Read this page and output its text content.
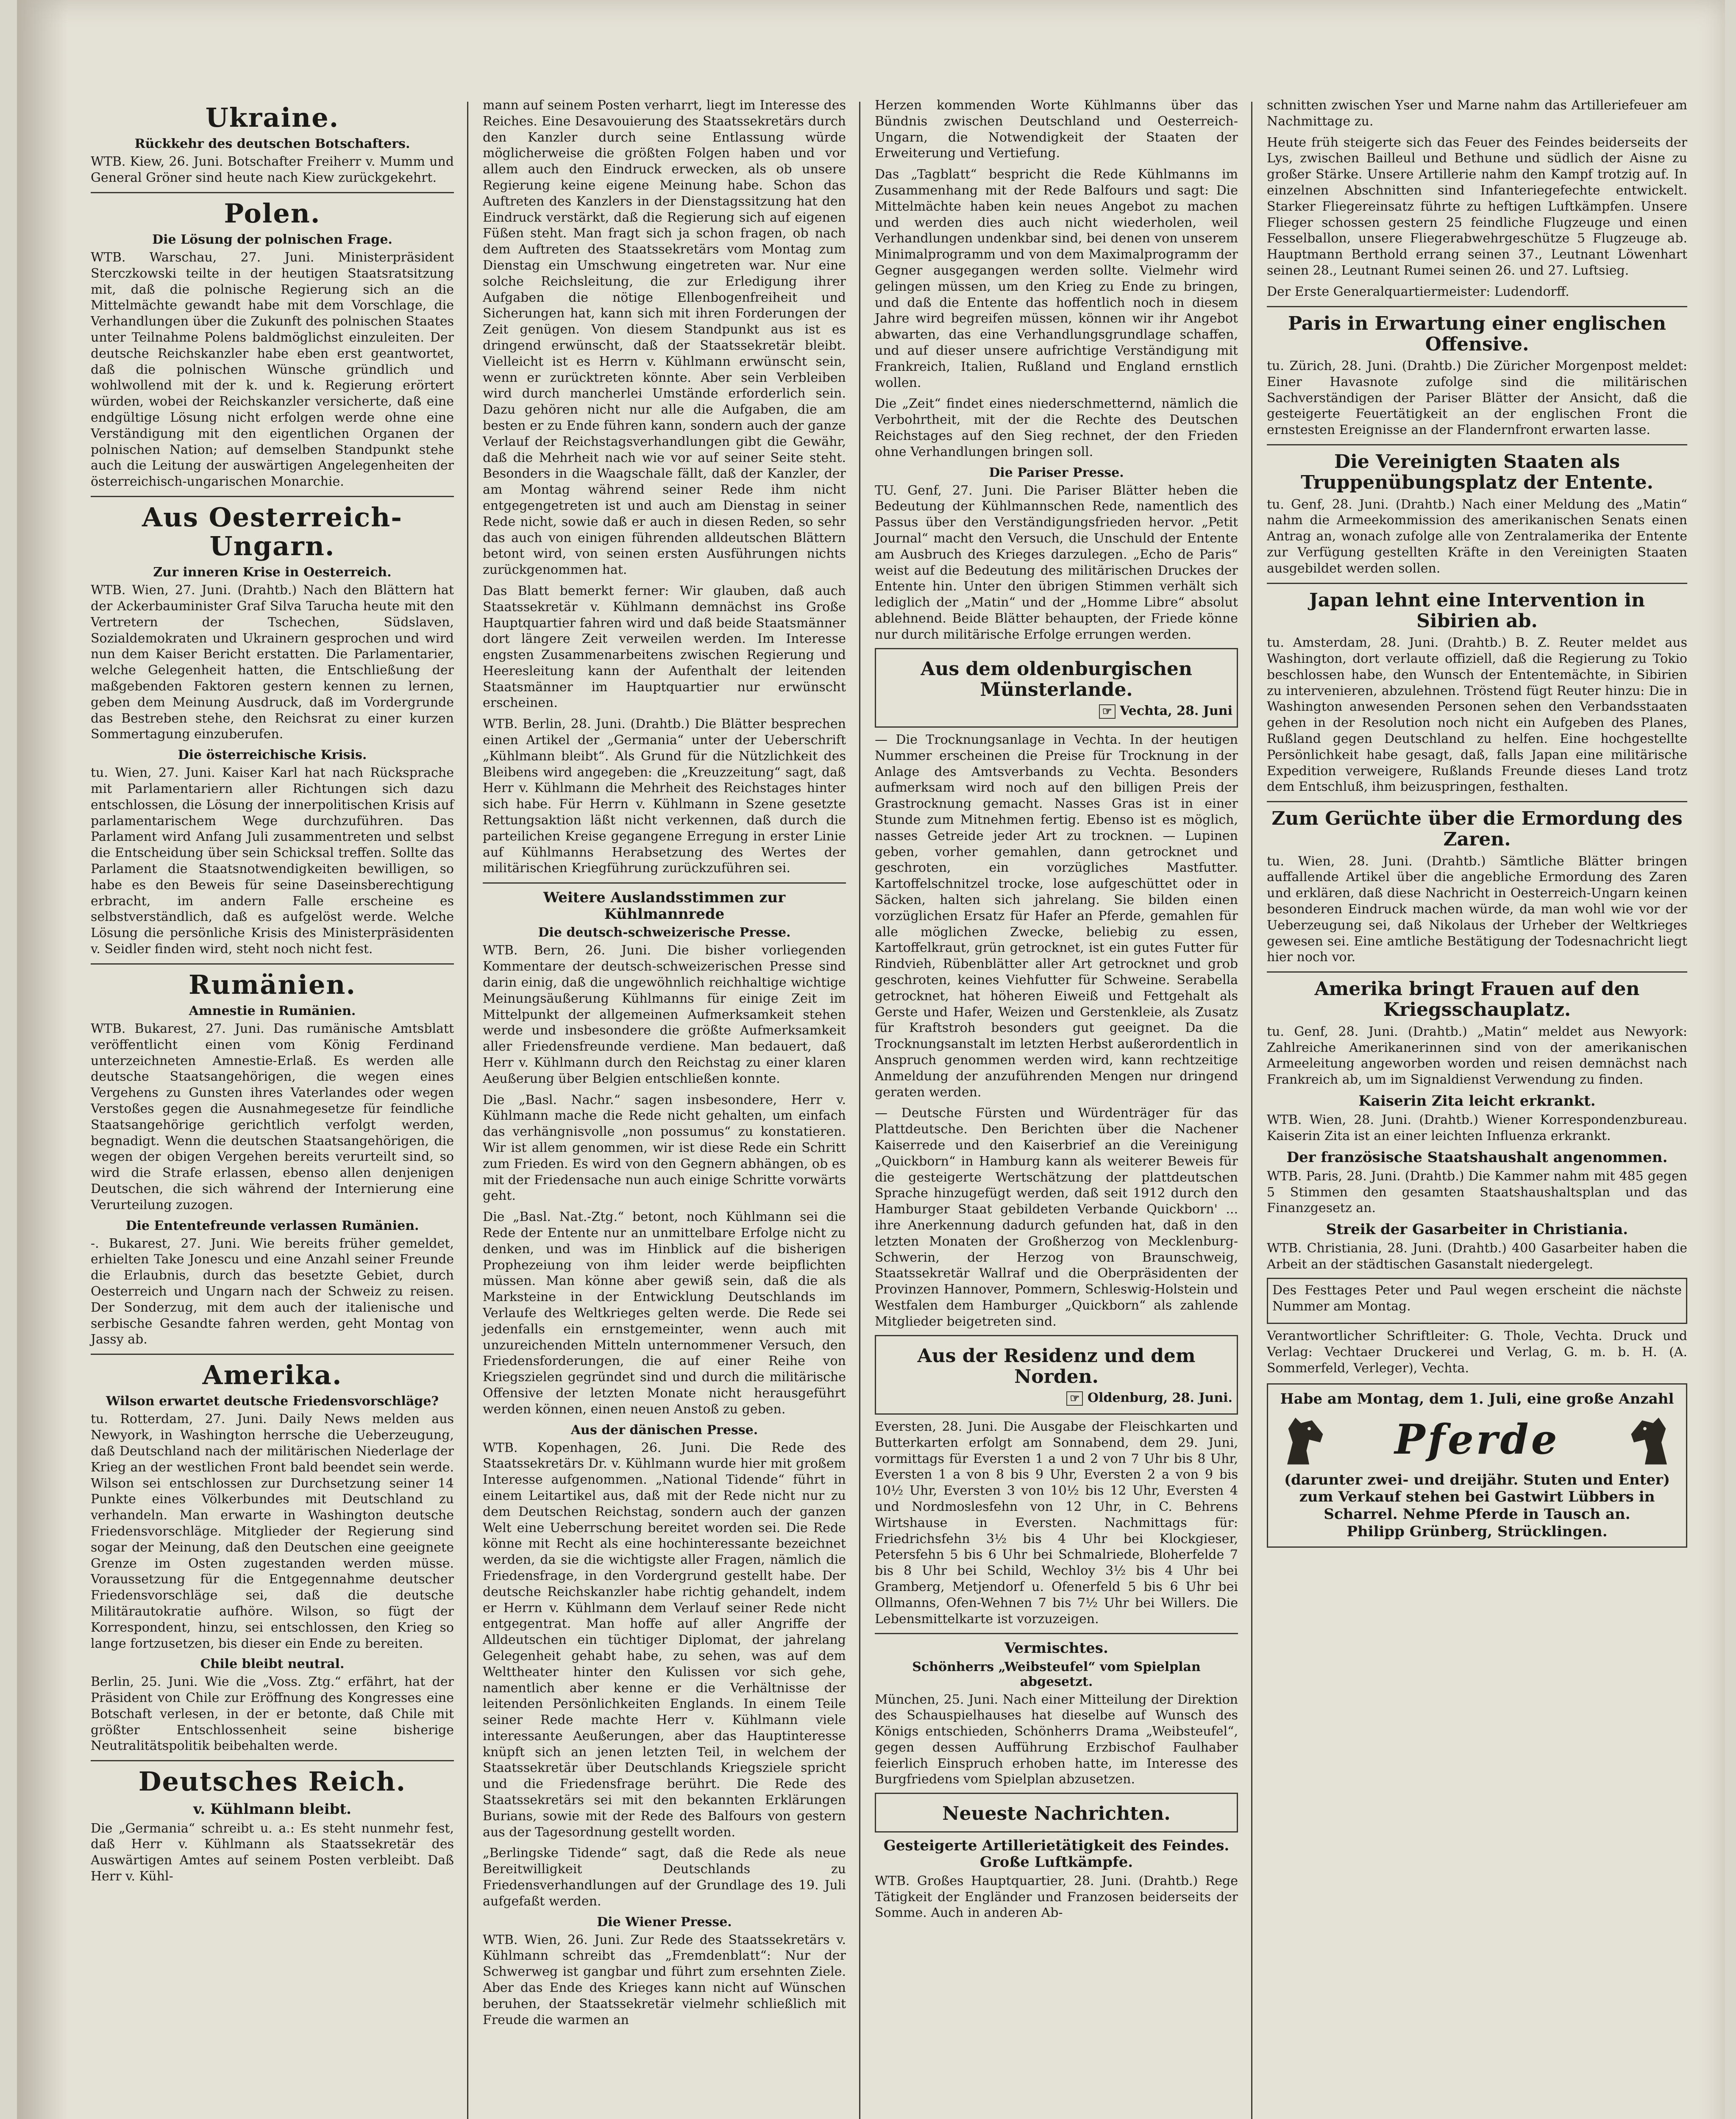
Ukraine.
Rückkehr des deutschen Botschafters.

WTB. Kiew, 26. Juni. Botschafter Freiherr v. Mumm und General Gröner sind heute nach Kiew zurückgekehrt.

Polen.
Die Lösung der polnischen Frage.

WTB. Warschau, 27. Juni. Ministerpräsident Sterczkowski teilte in der heutigen Staatsratsitzung mit, daß die polnische Regierung sich an die Mittelmächte gewandt habe mit dem Vorschlage, die Verhandlungen über die Zukunft des polnischen Staates unter Teilnahme Polens baldmöglichst einzuleiten. Der deutsche Reichskanzler habe eben erst geantwortet, daß die polnischen Wünsche gründlich und wohlwollend mit der k. und k. Regierung erörtert würden, wobei der Reichskanzler versicherte, daß eine endgültige Lösung nicht erfolgen werde ohne eine Verständigung mit den eigentlichen Organen der polnischen Nation; auf demselben Standpunkt stehe auch die Leitung der auswärtigen Angelegenheiten der österreichisch-ungarischen Monarchie.

Aus Oesterreich-Ungarn.
Zur inneren Krise in Oesterreich.

WTB. Wien, 27. Juni. (Drahtb.) Nach den Blättern hat der Ackerbauminister Graf Silva Tarucha heute mit den Vertretern der Tschechen, Südslaven, Sozialdemokraten und Ukrainern gesprochen und wird nun dem Kaiser Bericht erstatten. Die Parlamentarier, welche Gelegenheit hatten, die Entschließung der maßgebenden Faktoren gestern kennen zu lernen, geben dem Meinung Ausdruck, daß im Vordergrunde das Bestreben stehe, den Reichsrat zu einer kurzen Sommertagung einzuberufen.

Die österreichische Krisis.

tu. Wien, 27. Juni. Kaiser Karl hat nach Rücksprache mit Parlamentariern aller Richtungen sich dazu entschlossen, die Lösung der innerpolitischen Krisis auf parlamentarischem Wege durchzuführen. Das Parlament wird Anfang Juli zusammentreten und selbst die Entscheidung über sein Schicksal treffen. Sollte das Parlament die Staatsnotwendigkeiten bewilligen, so habe es den Beweis für seine Daseinsberechtigung erbracht, im andern Falle erscheine es selbstverständlich, daß es aufgelöst werde. Welche Lösung die persönliche Krisis des Ministerpräsidenten v. Seidler finden wird, steht noch nicht fest.

Rumänien.
Amnestie in Rumänien.

WTB. Bukarest, 27. Juni. Das rumänische Amtsblatt veröffentlicht einen vom König Ferdinand unterzeichneten Amnestie-Erlaß. Es werden alle deutsche Staatsangehörigen, die wegen eines Vergehens zu Gunsten ihres Vaterlandes oder wegen Verstoßes gegen die Ausnahmegesetze für feindliche Staatsangehörige gerichtlich verfolgt werden, begnadigt. Wenn die deutschen Staatsangehörigen, die wegen der obigen Vergehen bereits verurteilt sind, so wird die Strafe erlassen, ebenso allen denjenigen Deutschen, die sich während der Internierung eine Verurteilung zuzogen.

Die Ententefreunde verlassen Rumänien.

-. Bukarest, 27. Juni. Wie bereits früher gemeldet, erhielten Take Jonescu und eine Anzahl seiner Freunde die Erlaubnis, durch das besetzte Gebiet, durch Oesterreich und Ungarn nach der Schweiz zu reisen. Der Sonderzug, mit dem auch der italienische und serbische Gesandte fahren werden, geht Montag von Jassy ab.

Amerika.
Wilson erwartet deutsche Friedensvorschläge?

tu. Rotterdam, 27. Juni. Daily News melden aus Newyork, in Washington herrsche die Ueberzeugung, daß Deutschland nach der militärischen Niederlage der Krieg an der westlichen Front bald beendet sein werde. Wilson sei entschlossen zur Durchsetzung seiner 14 Punkte eines Völkerbundes mit Deutschland zu verhandeln. Man erwarte in Washington deutsche Friedensvorschläge. Mitglieder der Regierung sind sogar der Meinung, daß den Deutschen eine geeignete Grenze im Osten zugestanden werden müsse. Voraussetzung für die Entgegennahme deutscher Friedensvorschläge sei, daß die deutsche Militärautokratie aufhöre. Wilson, so fügt der Korrespondent, hinzu, sei entschlossen, den Krieg so lange fortzusetzen, bis dieser ein Ende zu bereiten.

Chile bleibt neutral.

Berlin, 25. Juni. Wie die „Voss. Ztg.“ erfährt, hat der Präsident von Chile zur Eröffnung des Kongresses eine Botschaft verlesen, in der er betonte, daß Chile mit größter Entschlossenheit seine bisherige Neutralitätspolitik beibehalten werde.

Deutsches Reich.
v. Kühlmann bleibt.

Die „Germania“ schreibt u. a.: Es steht nunmehr fest, daß Herr v. Kühlmann als Staatssekretär des Auswärtigen Amtes auf seinem Posten verbleibt. Daß Herr v. Kühl-

mann auf seinem Posten verharrt, liegt im Interesse des Reiches. Eine Desavouierung des Staatssekretärs durch den Kanzler durch seine Entlassung würde möglicherweise die größten Folgen haben und vor allem auch den Eindruck erwecken, als ob unsere Regierung keine eigene Meinung habe. Schon das Auftreten des Kanzlers in der Dienstagssitzung hat den Eindruck verstärkt, daß die Regierung sich auf eigenen Füßen steht. Man fragt sich ja schon fragen, ob nach dem Auftreten des Staatssekretärs vom Montag zum Dienstag ein Umschwung eingetreten war. Nur eine solche Reichsleitung, die zur Erledigung ihrer Aufgaben die nötige Ellenbogenfreiheit und Sicherungen hat, kann sich mit ihren Forderungen der Zeit genügen. Von diesem Standpunkt aus ist es dringend erwünscht, daß der Staatssekretär bleibt. Vielleicht ist es Herrn v. Kühlmann erwünscht sein, wenn er zurücktreten könnte. Aber sein Verbleiben wird durch mancherlei Umstände erforderlich sein. Dazu gehören nicht nur alle die Aufgaben, die am besten er zu Ende führen kann, sondern auch der ganze Verlauf der Reichstagsverhandlungen gibt die Gewähr, daß die Mehrheit nach wie vor auf seiner Seite steht. Besonders in die Waagschale fällt, daß der Kanzler, der am Montag während seiner Rede ihm nicht entgegengetreten ist und auch am Dienstag in seiner Rede nicht, sowie daß er auch in diesen Reden, so sehr das auch von einigen führenden alldeutschen Blättern betont wird, von seinen ersten Ausführungen nichts zurückgenommen hat.

Das Blatt bemerkt ferner: Wir glauben, daß auch Staatssekretär v. Kühlmann demnächst ins Große Hauptquartier fahren wird und daß beide Staatsmänner dort längere Zeit verweilen werden. Im Interesse engsten Zusammenarbeitens zwischen Regierung und Heeresleitung kann der Aufenthalt der leitenden Staatsmänner im Hauptquartier nur erwünscht erscheinen.

WTB. Berlin, 28. Juni. (Drahtb.) Die Blätter besprechen einen Artikel der „Germania“ unter der Ueberschrift „Kühlmann bleibt“. Als Grund für die Nützlichkeit des Bleibens wird angegeben: die „Kreuzzeitung“ sagt, daß Herr v. Kühlmann die Mehrheit des Reichstages hinter sich habe. Für Herrn v. Kühlmann in Szene gesetzte Rettungsaktion läßt nicht verkennen, daß durch die parteilichen Kreise gegangene Erregung in erster Linie auf Kühlmanns Herabsetzung des Wertes der militärischen Kriegführung zurückzuführen sei.

Weitere Auslandsstimmen zur Kühlmannrede
Die deutsch-schweizerische Presse.

WTB. Bern, 26. Juni. Die bisher vorliegenden Kommentare der deutsch-schweizerischen Presse sind darin einig, daß die ungewöhnlich reichhaltige wichtige Meinungsäußerung Kühlmanns für einige Zeit im Mittelpunkt der allgemeinen Aufmerksamkeit stehen werde und insbesondere die größte Aufmerksamkeit aller Friedensfreunde verdiene. Man bedauert, daß Herr v. Kühlmann durch den Reichstag zu einer klaren Aeußerung über Belgien entschließen konnte.

Die „Basl. Nachr.“ sagen insbesondere, Herr v. Kühlmann mache die Rede nicht gehalten, um einfach das verhängnisvolle „non possumus“ zu konstatieren. Wir ist allem genommen, wir ist diese Rede ein Schritt zum Frieden. Es wird von den Gegnern abhängen, ob es mit der Friedensache nun auch einige Schritte vorwärts geht.

Die „Basl. Nat.-Ztg.“ betont, noch Kühlmann sei die Rede der Entente nur an unmittelbare Erfolge nicht zu denken, und was im Hinblick auf die bisherigen Prophezeiung von ihm leider werde beipflichten müssen. Man könne aber gewiß sein, daß die als Marksteine in der Entwicklung Deutschlands im Verlaufe des Weltkrieges gelten werde. Die Rede sei jedenfalls ein ernstgemeinter, wenn auch mit unzureichenden Mitteln unternommener Versuch, den Friedensforderungen, die auf einer Reihe von Kriegszielen gegründet sind und durch die militärische Offensive der letzten Monate nicht herausgeführt werden können, einen neuen Anstoß zu geben.

Aus der dänischen Presse.

WTB. Kopenhagen, 26. Juni. Die Rede des Staatssekretärs Dr. v. Kühlmann wurde hier mit großem Interesse aufgenommen. „National Tidende“ führt in einem Leitartikel aus, daß mit der Rede nicht nur zu dem Deutschen Reichstag, sondern auch der ganzen Welt eine Ueberrschung bereitet worden sei. Die Rede könne mit Recht als eine hochinteressante bezeichnet werden, da sie die wichtigste aller Fragen, nämlich die Friedensfrage, in den Vordergrund gestellt habe. Der deutsche Reichskanzler habe richtig gehandelt, indem er Herrn v. Kühlmann dem Verlauf seiner Rede nicht entgegentrat. Man hoffe auf aller Angriffe der Alldeutschen ein tüchtiger Diplomat, der jahrelang Gelegenheit gehabt habe, zu sehen, was auf dem Welttheater hinter den Kulissen vor sich gehe, namentlich aber kenne er die Verhältnisse der leitenden Persönlichkeiten Englands. In einem Teile seiner Rede machte Herr v. Kühlmann viele interessante Aeußerungen, aber das Hauptinteresse knüpft sich an jenen letzten Teil, in welchem der Staatssekretär über Deutschlands Kriegsziele spricht und die Friedensfrage berührt. Die Rede des Staatssekretärs sei mit den bekannten Erklärungen Burians, sowie mit der Rede des Balfours von gestern aus der Tagesordnung gestellt worden.

„Berlingske Tidende“ sagt, daß die Rede als neue Bereitwilligkeit Deutschlands zu Friedensverhandlungen auf der Grundlage des 19. Juli aufgefaßt werden.

Die Wiener Presse.

WTB. Wien, 26. Juni. Zur Rede des Staatssekretärs v. Kühlmann schreibt das „Fremdenblatt“: Nur der Schwerweg ist gangbar und führt zum ersehnten Ziele. Aber das Ende des Krieges kann nicht auf Wünschen beruhen, der Staatssekretär vielmehr schließlich mit Freude die warmen an

Herzen kommenden Worte Kühlmanns über das Bündnis zwischen Deutschland und Oesterreich-Ungarn, die Notwendigkeit der Staaten der Erweiterung und Vertiefung.

Das „Tagblatt“ bespricht die Rede Kühlmanns im Zusammenhang mit der Rede Balfours und sagt: Die Mittelmächte haben kein neues Angebot zu machen und werden dies auch nicht wiederholen, weil Verhandlungen undenkbar sind, bei denen von unserem Minimalprogramm und von dem Maximalprogramm der Gegner ausgegangen werden sollte. Vielmehr wird gelingen müssen, um den Krieg zu Ende zu bringen, und daß die Entente das hoffentlich noch in diesem Jahre wird begreifen müssen, können wir ihr Angebot abwarten, das eine Verhandlungsgrundlage schaffen, und auf dieser unsere aufrichtige Verständigung mit Frankreich, Italien, Rußland und England ernstlich wollen.

Die „Zeit“ findet eines niederschmetternd, nämlich die Verbohrtheit, mit der die Rechte des Deutschen Reichstages auf den Sieg rechnet, der den Frieden ohne Verhandlungen bringen soll.

Die Pariser Presse.

TU. Genf, 27. Juni. Die Pariser Blätter heben die Bedeutung der Kühlmannschen Rede, namentlich des Passus über den Verständigungsfrieden hervor. „Petit Journal“ macht den Versuch, die Unschuld der Entente am Ausbruch des Krieges darzulegen. „Echo de Paris“ weist auf die Bedeutung des militärischen Druckes der Entente hin. Unter den übrigen Stimmen verhält sich lediglich der „Matin“ und der „Homme Libre“ absolut ablehnend. Beide Blätter behaupten, der Friede könne nur durch militärische Erfolge errungen werden.

Aus dem oldenburgischen Münsterlande.
☞ Vechta, 28. Juni

— Die Trocknungsanlage in Vechta. In der heutigen Nummer erscheinen die Preise für Trocknung in der Anlage des Amtsverbands zu Vechta. Besonders aufmerksam wird noch auf den billigen Preis der Grastrocknung gemacht. Nasses Gras ist in einer Stunde zum Mitnehmen fertig. Ebenso ist es möglich, nasses Getreide jeder Art zu trocknen. — Lupinen geben, vorher gemahlen, dann getrocknet und geschroten, ein vorzügliches Mastfutter. Kartoffelschnitzel trocke, lose aufgeschüttet oder in Säcken, halten sich jahrelang. Sie bilden einen vorzüglichen Ersatz für Hafer an Pferde, gemahlen für alle möglichen Zwecke, beliebig zu essen, Kartoffelkraut, grün getrocknet, ist ein gutes Futter für Rindvieh, Rübenblätter aller Art getrocknet und grob geschroten, keines Viehfutter für Schweine. Serabella getrocknet, hat höheren Eiweiß und Fettgehalt als Gerste und Hafer, Weizen und Gerstenkleie, als Zusatz für Kraftstroh besonders gut geeignet. Da die Trocknungsanstalt im letzten Herbst außerordentlich in Anspruch genommen werden wird, kann rechtzeitige Anmeldung der anzuführenden Mengen nur dringend geraten werden.

— Deutsche Fürsten und Würdenträger für das Plattdeutsche. Den Berichten über die Nachener Kaiserrede und den Kaiserbrief an die Vereinigung „Quickborn“ in Hamburg kann als weiterer Beweis für die gesteigerte Wertschätzung der plattdeutschen Sprache hinzugefügt werden, daß seit 1912 durch den Hamburger Staat gebildeten Verbande Quickborn' ... ihre Anerkennung dadurch gefunden hat, daß in den letzten Monaten der Großherzog von Mecklenburg-Schwerin, der Herzog von Braunschweig, Staatssekretär Wallraf und die Oberpräsidenten der Provinzen Hannover, Pommern, Schleswig-Holstein und Westfalen dem Hamburger „Quickborn“ als zahlende Mitglieder beigetreten sind.

Aus der Residenz und dem Norden.
☞ Oldenburg, 28. Juni.

Eversten, 28. Juni. Die Ausgabe der Fleischkarten und Butterkarten erfolgt am Sonnabend, dem 29. Juni, vormittags für Eversten 1 a und 2 von 7 Uhr bis 8 Uhr, Eversten 1 a von 8 bis 9 Uhr, Eversten 2 a von 9 bis 10½ Uhr, Eversten 3 von 10½ bis 12 Uhr, Eversten 4 und Nordmoslesfehn von 12 Uhr, in C. Behrens Wirtshause in Eversten. Nachmittags für: Friedrichsfehn 3½ bis 4 Uhr bei Klockgieser, Petersfehn 5 bis 6 Uhr bei Schmalriede, Bloherfelde 7 bis 8 Uhr bei Schild, Wechloy 3½ bis 4 Uhr bei Gramberg, Metjendorf u. Ofenerfeld 5 bis 6 Uhr bei Ollmanns, Ofen-Wehnen 7 bis 7½ Uhr bei Willers. Die Lebensmittelkarte ist vorzuzeigen.

Vermischtes.
Schönherrs „Weibsteufel“ vom Spielplan abgesetzt.

München, 25. Juni. Nach einer Mitteilung der Direktion des Schauspielhauses hat dieselbe auf Wunsch des Königs entschieden, Schönherrs Drama „Weibsteufel“, gegen dessen Aufführung Erzbischof Faulhaber feierlich Einspruch erhoben hatte, im Interesse des Burgfriedens vom Spielplan abzusetzen.

Neueste Nachrichten.
Gesteigerte Artillerietätigkeit des Feindes. Große Luftkämpfe.

WTB. Großes Hauptquartier, 28. Juni. (Drahtb.) Rege Tätigkeit der Engländer und Franzosen beiderseits der Somme. Auch in anderen Ab-

schnitten zwischen Yser und Marne nahm das Artilleriefeuer am Nachmittage zu.

Heute früh steigerte sich das Feuer des Feindes beiderseits der Lys, zwischen Bailleul und Bethune und südlich der Aisne zu großer Stärke. Unsere Artillerie nahm den Kampf trotzig auf. In einzelnen Abschnitten sind Infanteriegefechte entwickelt. Starker Fliegereinsatz führte zu heftigen Luftkämpfen. Unsere Flieger schossen gestern 25 feindliche Flugzeuge und einen Fesselballon, unsere Fliegerabwehrgeschütze 5 Flugzeuge ab. Hauptmann Berthold errang seinen 37., Leutnant Löwenhart seinen 28., Leutnant Rumei seinen 26. und 27. Luftsieg.

Der Erste Generalquartiermeister: Ludendorff.

Paris in Erwartung einer englischen Offensive.

tu. Zürich, 28. Juni. (Drahtb.) Die Züricher Morgenpost meldet: Einer Havasnote zufolge sind die militärischen Sachverständigen der Pariser Blätter der Ansicht, daß die gesteigerte Feuertätigkeit an der englischen Front die ernstesten Ereignisse an der Flandernfront erwarten lasse.

Die Vereinigten Staaten als Truppenübungsplatz der Entente.

tu. Genf, 28. Juni. (Drahtb.) Nach einer Meldung des „Matin“ nahm die Armeekommission des amerikanischen Senats einen Antrag an, wonach zufolge alle von Zentralamerika der Entente zur Verfügung gestellten Kräfte in den Vereinigten Staaten ausgebildet werden sollen.

Japan lehnt eine Intervention in Sibirien ab.

tu. Amsterdam, 28. Juni. (Drahtb.) B. Z. Reuter meldet aus Washington, dort verlaute offiziell, daß die Regierung zu Tokio beschlossen habe, den Wunsch der Ententemächte, in Sibirien zu intervenieren, abzulehnen. Tröstend fügt Reuter hinzu: Die in Washington anwesenden Personen sehen den Verbandsstaaten gehen in der Resolution noch nicht ein Aufgeben des Planes, Rußland gegen Deutschland zu helfen. Eine hochgestellte Persönlichkeit habe gesagt, daß, falls Japan eine militärische Expedition verweigere, Rußlands Freunde dieses Land trotz dem Entschluß, ihm beizuspringen, festhalten.

Zum Gerüchte über die Ermordung des Zaren.

tu. Wien, 28. Juni. (Drahtb.) Sämtliche Blätter bringen auffallende Artikel über die angebliche Ermordung des Zaren und erklären, daß diese Nachricht in Oesterreich-Ungarn keinen besonderen Eindruck machen würde, da man wohl wie vor der Ueberzeugung sei, daß Nikolaus der Urheber der Weltkrieges gewesen sei. Eine amtliche Bestätigung der Todesnachricht liegt hier noch vor.

Amerika bringt Frauen auf den Kriegsschauplatz.

tu. Genf, 28. Juni. (Drahtb.) „Matin“ meldet aus Newyork: Zahlreiche Amerikanerinnen sind von der amerikanischen Armeeleitung angeworben worden und reisen demnächst nach Frankreich ab, um im Signaldienst Verwendung zu finden.

Kaiserin Zita leicht erkrankt.

WTB. Wien, 28. Juni. (Drahtb.) Wiener Korrespondenzbureau. Kaiserin Zita ist an einer leichten Influenza erkrankt.

Der französische Staatshaushalt angenommen.

WTB. Paris, 28. Juni. (Drahtb.) Die Kammer nahm mit 485 gegen 5 Stimmen den gesamten Staatshaushaltsplan und das Finanzgesetz an.

Streik der Gasarbeiter in Christiania.

WTB. Christiania, 28. Juni. (Drahtb.) 400 Gasarbeiter haben die Arbeit an der städtischen Gasanstalt niedergelegt.

Des Festtages Peter und Paul wegen erscheint die nächste Nummer am Montag.

Verantwortlicher Schriftleiter: G. Thole, Vechta. Druck und Verlag: Vechtaer Druckerei und Verlag, G. m. b. H. (A. Sommerfeld, Verleger), Vechta.

Habe am Montag, dem 1. Juli, eine große Anzahl
Pferde
(darunter zwei- und dreijähr. Stuten und Enter) zum Verkauf stehen bei Gastwirt Lübbers in Scharrel. Nehme Pferde in Tausch an.
Philipp Grünberg, Strücklingen.
